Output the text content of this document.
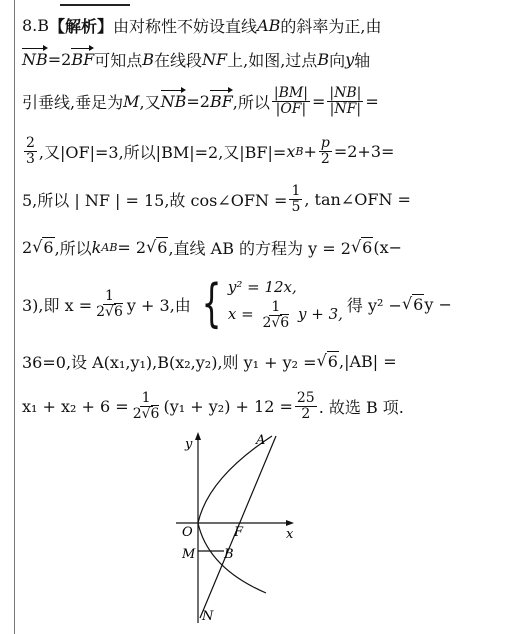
8. B 【解析】 由对称性不妨设直线 AB 的斜率为正,由
NB =2 BF 可知点 B 在线段 NF 上,如图,过点 B 向 y 轴
引垂线,垂足为 M ,又 NB =2 BF ,所以 $\frac{|BM|}{|OF|} = \frac{|NB|}{|NF|}$ =
$\frac{2}{3}$ ,又|OF|=3,所以|BM|=2,又|BF|= x $B + \frac{p}{2} =2+3=$
5,所以 | NF | = 15,故 cos∠OFN = $\frac{1}{5}$ , tan∠OFN =
2 √ 6 ,所以 k AB = 2 √ 6 ,直线 AB 的方程为 y = 2 √ 6 (x−
3),即 $x = \frac{1}{2√6}$ y + 3,由 { y² = 12x,
$x = \frac{1}{2√6}$ y + 3, 得 y² − √ 6 y −
36=0,设 A(x₁,y₁),B(x₂,y₂),则 y₁ + y₂ = √ 6 ,|AB| =
$x_1 + x_2 + 6 = \frac{1}{2√6} (y_1 + y_2) + 12 = \frac{25}{2}$ . 故选 B 项.
y
x
O
A
F
M B
N
